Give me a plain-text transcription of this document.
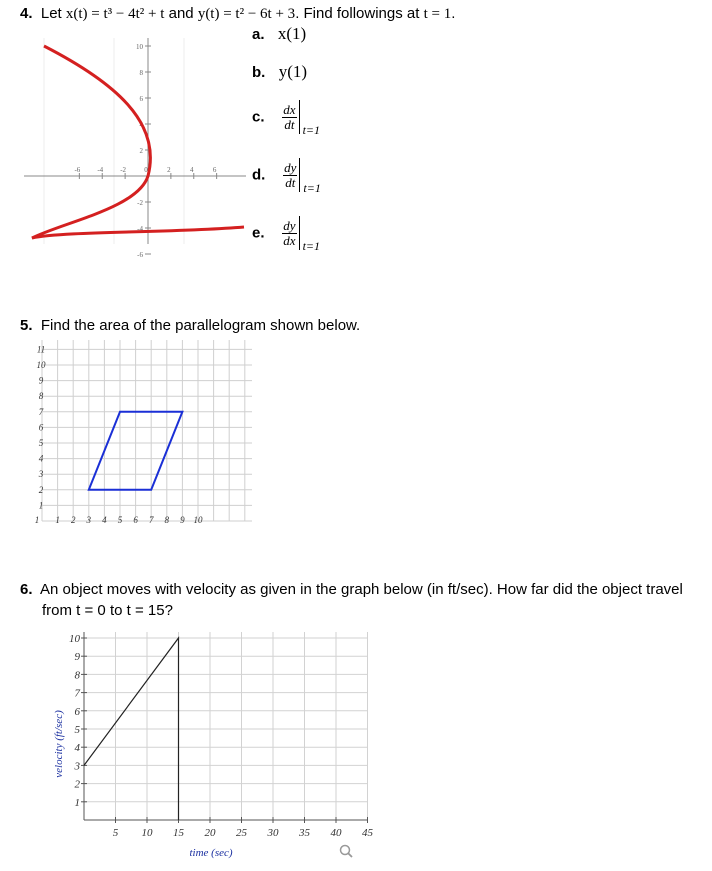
4. Let x(t) = t³ − 4t² + t and y(t) = t² − 6t + 3. Find followings at t = 1.
10
8
6
4
2
-2
-4
-6
-6 -4 -2	0	2	4	6
a. x(1)
b. y(1)
c. $\frac{dx}{dt} t=1$
d. $\frac{dy}{dt} t=1$
e. $\frac{dy}{dx} t=1$
5. Find the area of the parallelogram shown below.
11
10
9
8
7
6
5
4
3
2
1
1 2 3 4 5 6 7 8 9 10
1
6. An object moves with velocity as given in the graph below (in ft/sec). How far did the object travel
from t = 0 to t = 15?
10
9
8
7
6
5
4
3
2
1
5 10 15 20 25 30 35 40 45
time (sec)
velocity (ft/sec)
